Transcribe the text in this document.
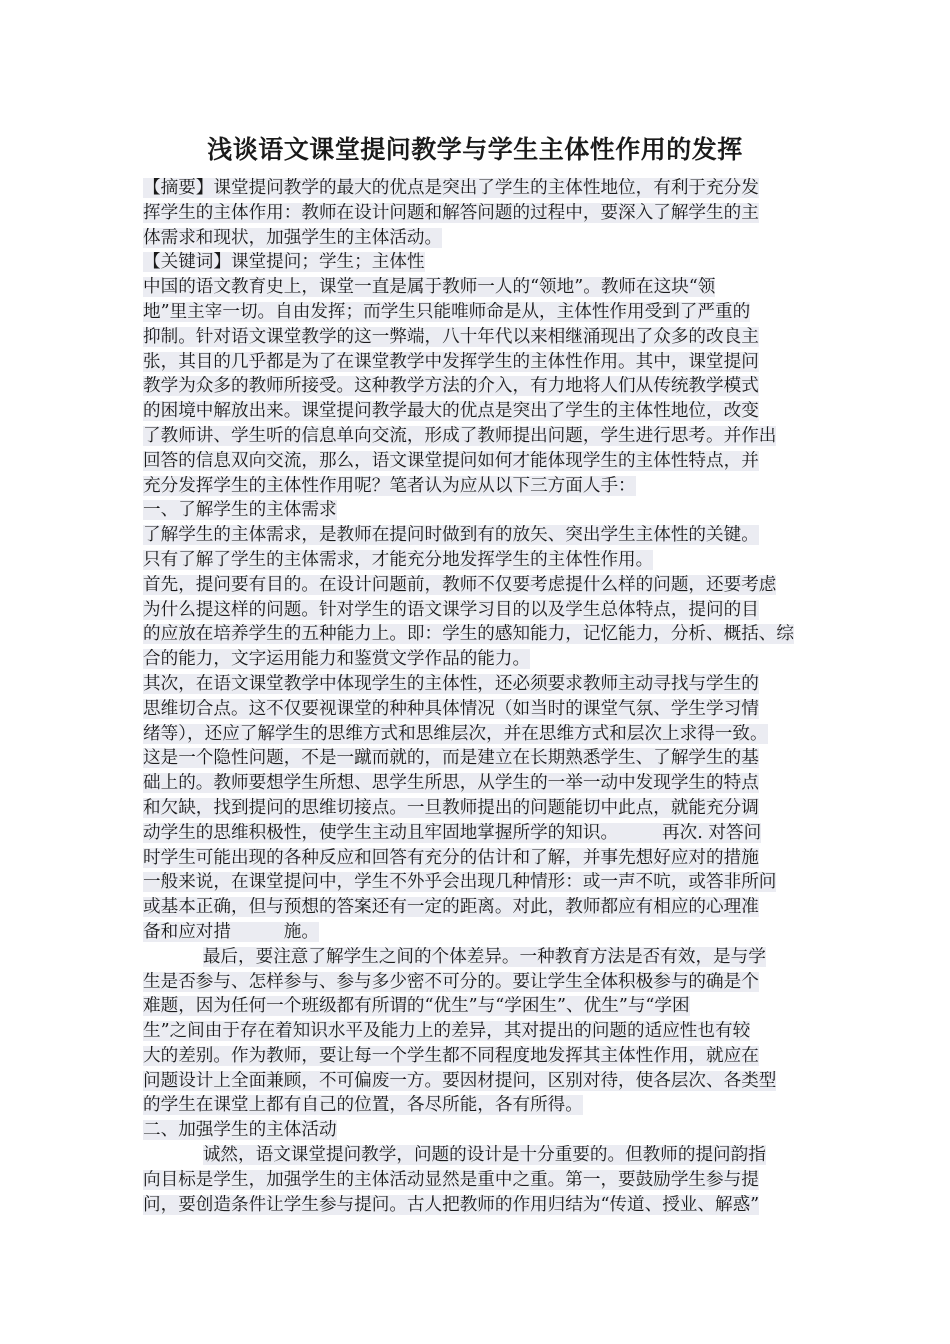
浅谈语文课堂提问教学与学生主体性作用的发挥
【摘要】课堂提问教学的最大的优点是突出了学生的主体性地位，有利于充分发
挥学生的主体作用：教师在设计问题和解答问题的过程中，要深入了解学生的主
体需求和现状，加强学生的主体活动。
【关键词】课堂提问；学生；主体性
中国的语文教育史上，课堂一直是属于教师一人的“领地”。教师在这块“领
地”里主宰一切。自由发挥；而学生只能唯师命是从，主体性作用受到了严重的
抑制。针对语文课堂教学的这一弊端，八十年代以来相继涌现出了众多的改良主
张，其目的几乎都是为了在课堂教学中发挥学生的主体性作用。其中，课堂提问
教学为众多的教师所接受。这种教学方法的介入，有力地将人们从传统教学模式
的困境中解放出来。课堂提问教学最大的优点是突出了学生的主体性地位，改变
了教师讲、学生听的信息单向交流，形成了教师提出问题，学生进行思考。并作出
回答的信息双向交流，那么，语文课堂提问如何才能体现学生的主体性特点，并
充分发挥学生的主体性作用呢？笔者认为应从以下三方面人手：
一、了解学生的主体需求
了解学生的主体需求，是教师在提问时做到有的放矢、突出学生主体性的关键。
只有了解了学生的主体需求，才能充分地发挥学生的主体性作用。
首先，提问要有目的。在设计问题前，教师不仅要考虑提什么样的问题，还要考虑
为什么提这样的问题。针对学生的语文课学习目的以及学生总体特点，提问的目
的应放在培养学生的五种能力上。即：学生的感知能力，记忆能力，分析、概括、综
合的能力，文字运用能力和鉴赏文学作品的能力。
其次，在语文课堂教学中体现学生的主体性，还必须要求教师主动寻找与学生的
思维切合点。这不仅要视课堂的种种具体情况（如当时的课堂气氛、学生学习情
绪等），还应了解学生的思维方式和思维层次，并在思维方式和层次上求得一致。
这是一个隐性问题，不是一蹴而就的，而是建立在长期熟悉学生、了解学生的基
础上的。教师要想学生所想、思学生所思，从学生的一举一动中发现学生的特点
和欠缺，找到提问的思维切接点。一旦教师提出的问题能切中此点，就能充分调
动学生的思维积极性，使学生主动且牢固地掌握所学的知识。　　　再次. 对答问
时学生可能出现的各种反应和回答有充分的估计和了解，并事先想好应对的措施
一般来说，在课堂提问中，学生不外乎会出现几种情形：或一声不吭，或答非所问
或基本正确，但与预想的答案还有一定的距离。对此，教师都应有相应的心理准
备和应对措　　　施。
最后，要注意了解学生之间的个体差异。一种教育方法是否有效，是与学
生是否参与、怎样参与、参与多少密不可分的。要让学生全体积极参与的确是个
难题，因为任何一个班级都有所谓的“优生”与“学困生”、优生”与“学困
生”之间由于存在着知识水平及能力上的差异，其对提出的问题的适应性也有较
大的差别。作为教师，要让每一个学生都不同程度地发挥其主体性作用，就应在
问题设计上全面兼顾，不可偏废一方。要因材提问，区别对待，使各层次、各类型
的学生在课堂上都有自己的位置，各尽所能，各有所得。
二、加强学生的主体活动
诚然，语文课堂提问教学，问题的设计是十分重要的。但教师的提问韵指
向目标是学生，加强学生的主体活动显然是重中之重。第一，要鼓励学生参与提
问，要创造条件让学生参与提问。古人把教师的作用归结为“传道、授业、解惑”
